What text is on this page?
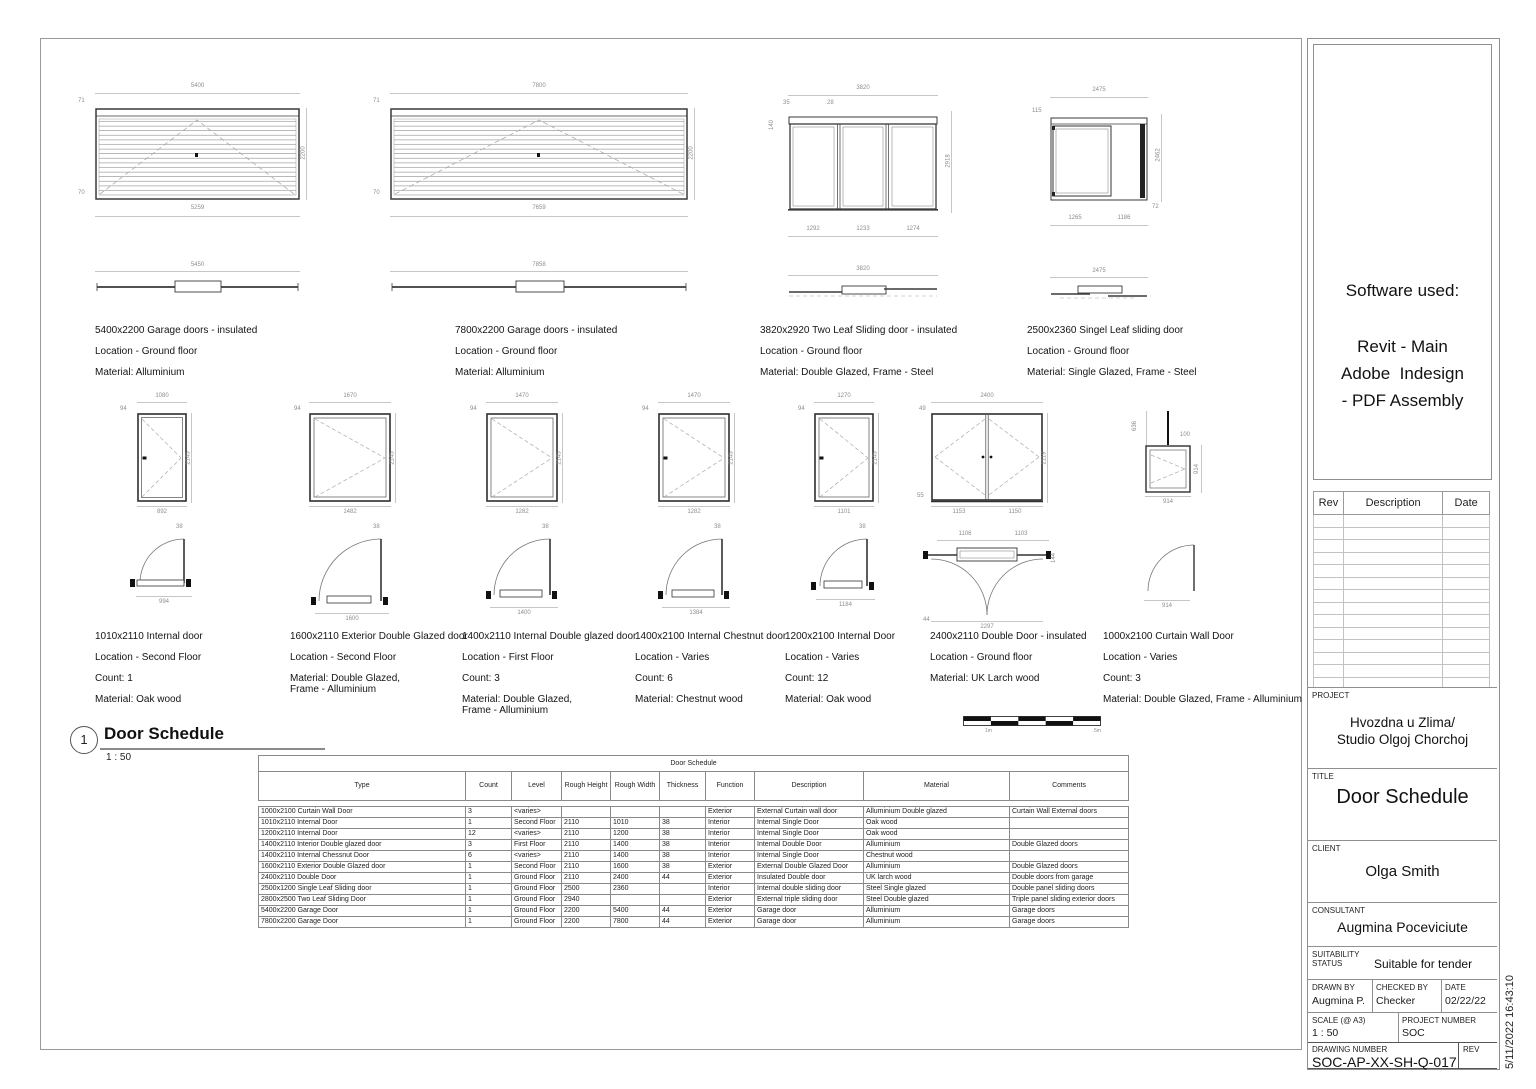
5400
71
2200
70
5259
5450
5400x2200 Garage doors - insulated
Location - Ground floor
Material: Alluminium
7800
71
2200
70
7659
7858
7800x2200 Garage doors - insulated
Location - Ground floor
Material: Alluminium
3820
35	28
140
2918
1292	1233	1274
3820
3820x2920 Two Leaf Sliding door - insulated
Location - Ground floor
Material: Double Glazed, Frame - Steel
2475
115
2462
72
1265	1186
2475
2500x2360 Singel Leaf sliding door
Location - Ground floor
Material: Single Glazed, Frame - Steel
1080
94
2145
892
38
994
1010x2110 Internal door
Location - Second Floor
Count: 1
Material: Oak wood
1670
94
2145
1482
38
1600
1600x2110 Exterior Double Glazed door
Location - Second Floor
Material: Double Glazed,
Frame - Alluminium
1470
94
2145
1282
38
1400
1400x2110 Internal Double glazed door
Location - First Floor
Count: 3
Material: Double Glazed,
Frame - Alluminium
1470
94
2145
1282
38
1384
1400x2100 Internal Chestnut door
Location - Varies
Count: 6
Material: Chestnut wood
1270
94
2145
1101
38
1184
1200x2100 Internal Door
Location - Varies
Count: 12
Material: Oak wood
2400
49
2119
55
1153	1150
1106	1103
144
44
2297
2400x2110 Double Door - insulated
Location - Ground floor
Material: UK Larch wood
636
100
914
914
914
1000x2100 Curtain Wall Door
Location - Varies
Count: 3
Material: Double Glazed, Frame - Alluminium
1 Door Schedule
1 : 50
1m	5m
Door Schedule									
Type	Count	Level	Rough Height	Rough Width	Thickness	Function	Description	Material	Comments

1000x2100 Curtain Wall Door	3	<varies>				Exterior	External Curtain wall door	Alluminium Double glazed	Curtain Wall External doors
1010x2110 Internal Door	1	Second Floor	2110	1010	38	Interior	Internal Single Door	Oak wood	
1200x2110 Internal Door	12	<varies>	2110	1200	38	Interior	Internal Single Door	Oak wood	
1400x2110 Interior Double glazed door	3	First Floor	2110	1400	38	Interior	Internal Double Door	Alluminium	Double Glazed doors
1400x2110 Internal Chessnut Door	6	<varies>	2110	1400	38	Interior	Internal Single Door	Chestnut wood	
1600x2110 Exterior Double Glazed door	1	Second Floor	2110	1600	38	Exterior	External Double Glazed Door	Alluminium	Double Glazed doors
2400x2110 Double Door	1	Ground Floor	2110	2400	44	Exterior	Insulated Double door	UK larch wood	Double doors from garage
2500x1200 Single Leaf Sliding door	1	Ground Floor	2500	2360		Interior	Internal double sliding door	Steel Single glazed	Double panel sliding doors
2800x2500 Two Leaf Sliding Door	1	Ground Floor	2940			Exterior	External triple sliding door	Steel Double glazed	Triple panel sliding exterior doors
5400x2200 Garage Door	1	Ground Floor	2200	5400	44	Exterior	Garage door	Alluminium	Garage doors
7800x2200 Garage Door	1	Ground Floor	2200	7800	44	Exterior	Garage door	Alluminium	Garage doors
Software used:
Revit - Main
Adobe  Indesign
- PDF Assembly
Rev	Description	Date

PROJECT
Hvozdna u Zlima/
Studio Olgoj Chorchoj
TITLE
Door Schedule
CLIENT
Olga Smith
CONSULTANT
Augmina Poceviciute
SUITABILITY STATUS	Suitable for tender
DRAWN BY
Augmina P.
CHECKED BY
Checker
DATE
02/22/22
SCALE (@ A3)
1 : 50
PROJECT NUMBER
SOC
DRAWING NUMBER
SOC-AP-XX-SH-Q-017
REV 5/11/2022 16:43:10
